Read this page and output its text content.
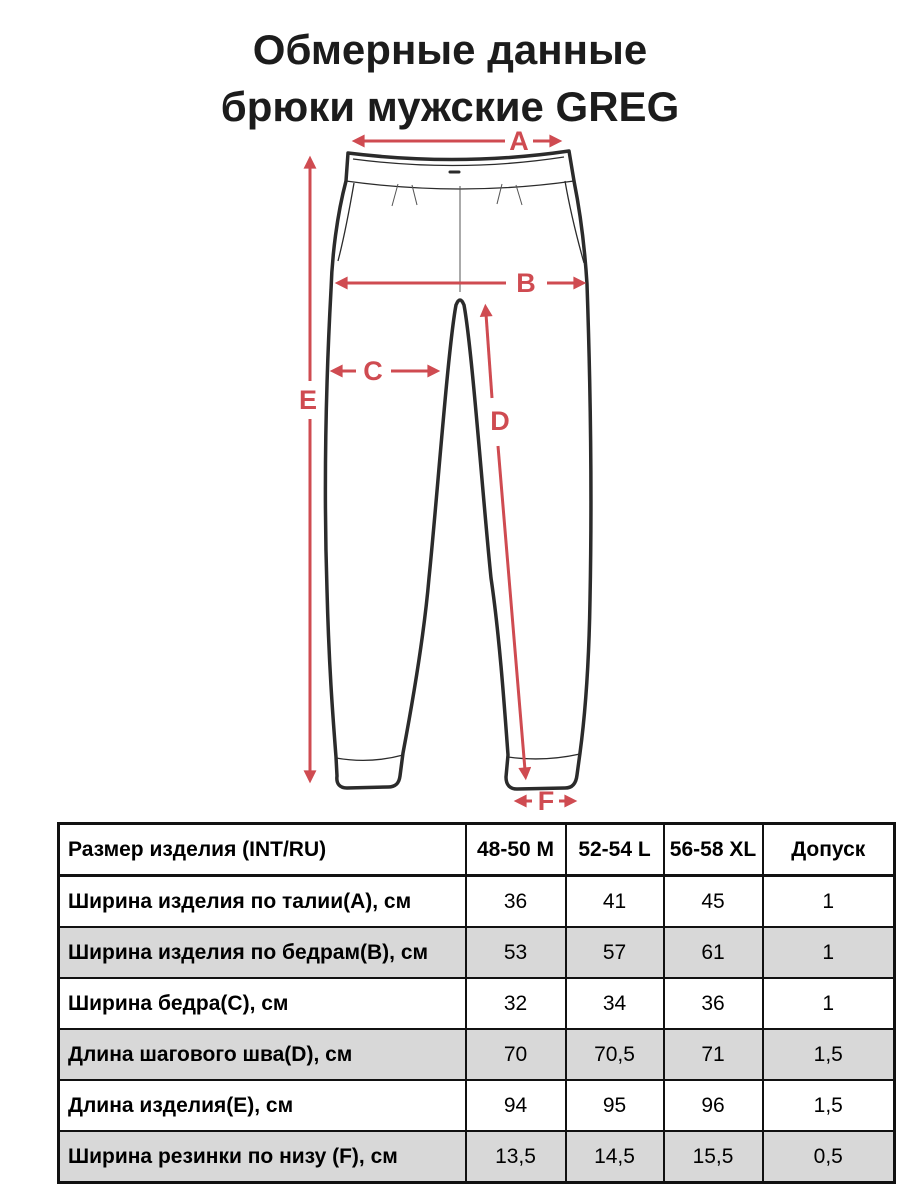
Обмерные данные
брюки мужские GREG
A
B
C
D
E
F
Размер изделия (INT/RU)	48-50 M	52-54 L	56-58 XL	Допуск
Ширина изделия по талии(A), см	36	41	45	1
Ширина изделия по бедрам(B), см	53	57	61	1
Ширина бедра(C), см	32	34	36	1
Длина шагового шва(D), см	70	70,5	71	1,5
Длина изделия(E), см	94	95	96	1,5
Ширина резинки по низу (F), см	13,5	14,5	15,5	0,5
